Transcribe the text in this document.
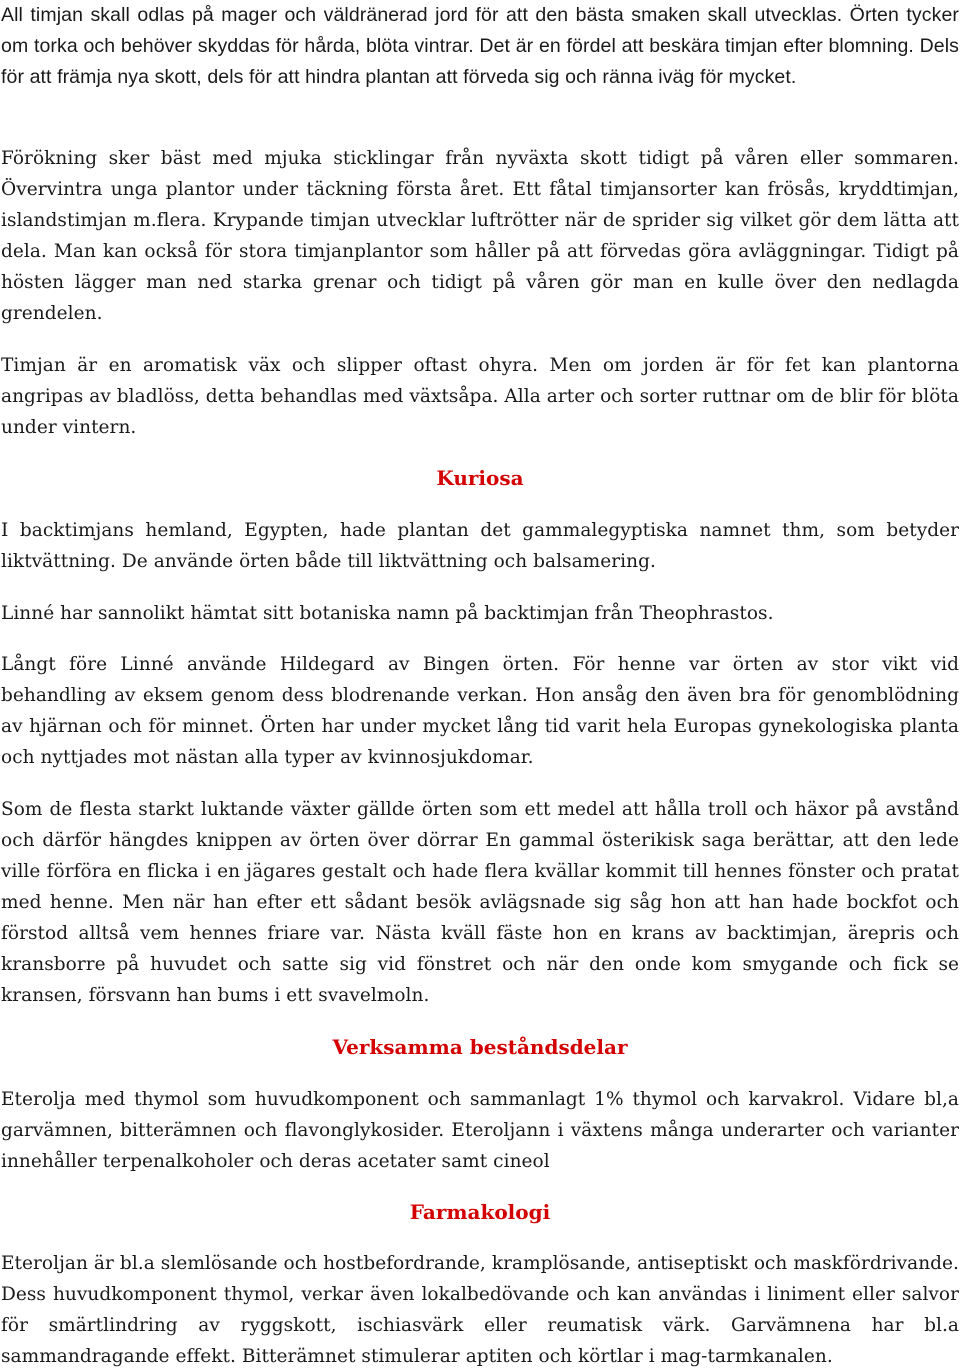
All timjan skall odlas på mager och väldränerad jord för att den bästa smaken skall utvecklas. Örten tycker om torka och behöver skyddas för hårda, blöta vintrar. Det är en fördel att beskära timjan efter blomning. Dels för att främja nya skott, dels för att hindra plantan att förveda sig och ränna iväg för mycket.

Förökning sker bäst med mjuka sticklingar från nyväxta skott tidigt på våren eller sommaren. Övervintra unga plantor under täckning första året. Ett fåtal timjansorter kan frösås, kryddtimjan, islandstimjan m.flera. Krypande timjan utvecklar luftrötter när de sprider sig vilket gör dem lätta att dela. Man kan också för stora timjanplantor som håller på att förvedas göra avläggningar. Tidigt på hösten lägger man ned starka grenar och tidigt på våren gör man en kulle över den nedlagda grendelen.

Timjan är en aromatisk väx och slipper oftast ohyra. Men om jorden är för fet kan plantorna angripas av bladlöss, detta behandlas med växtsåpa. Alla arter och sorter ruttnar om de blir för blöta under vintern.

Kuriosa

I backtimjans hemland, Egypten, hade plantan det gammalegyptiska namnet thm, som betyder liktvättning. De använde örten både till liktvättning och balsamering.

Linné har sannolikt hämtat sitt botaniska namn på backtimjan från Theophrastos.

Långt före Linné använde Hildegard av Bingen örten. För henne var örten av stor vikt vid behandling av eksem genom dess blodrenande verkan. Hon ansåg den även bra för genomblödning av hjärnan och för minnet. Örten har under mycket lång tid varit hela Europas gynekologiska planta och nyttjades mot nästan alla typer av kvinnosjukdomar.

Som de flesta starkt luktande växter gällde örten som ett medel att hålla troll och häxor på avstånd och därför hängdes knippen av örten över dörrar En gammal österikisk saga berättar, att den lede ville förföra en flicka i en jägares gestalt och hade flera kvällar kommit till hennes fönster och pratat med henne. Men när han efter ett sådant besök avlägsnade sig såg hon att han hade bockfot och förstod alltså vem hennes friare var. Nästa kväll fäste hon en krans av backtimjan, ärepris och kransborre på huvudet och satte sig vid fönstret och när den onde kom smygande och fick se kransen, försvann han bums i ett svavelmoln.

Verksamma beståndsdelar

Eterolja med thymol som huvudkomponent och sammanlagt 1% thymol och karvakrol. Vidare bl,a garvämnen, bitterämnen och flavonglykosider. Eteroljann i växtens många underarter och varianter innehåller terpenalkoholer och deras acetater samt cineol

Farmakologi

Eteroljan är bl.a slemlösande och hostbefordrande, kramplösande, antiseptiskt och maskfördrivande. Dess huvudkomponent thymol, verkar även lokalbedövande och kan användas i liniment eller salvor för smärtlindring av ryggskott, ischiasvärk eller reumatisk värk. Garvämnena har bl.a sammandragande effekt. Bitterämnet stimulerar aptiten och körtlar i mag-tarmkanalen.
